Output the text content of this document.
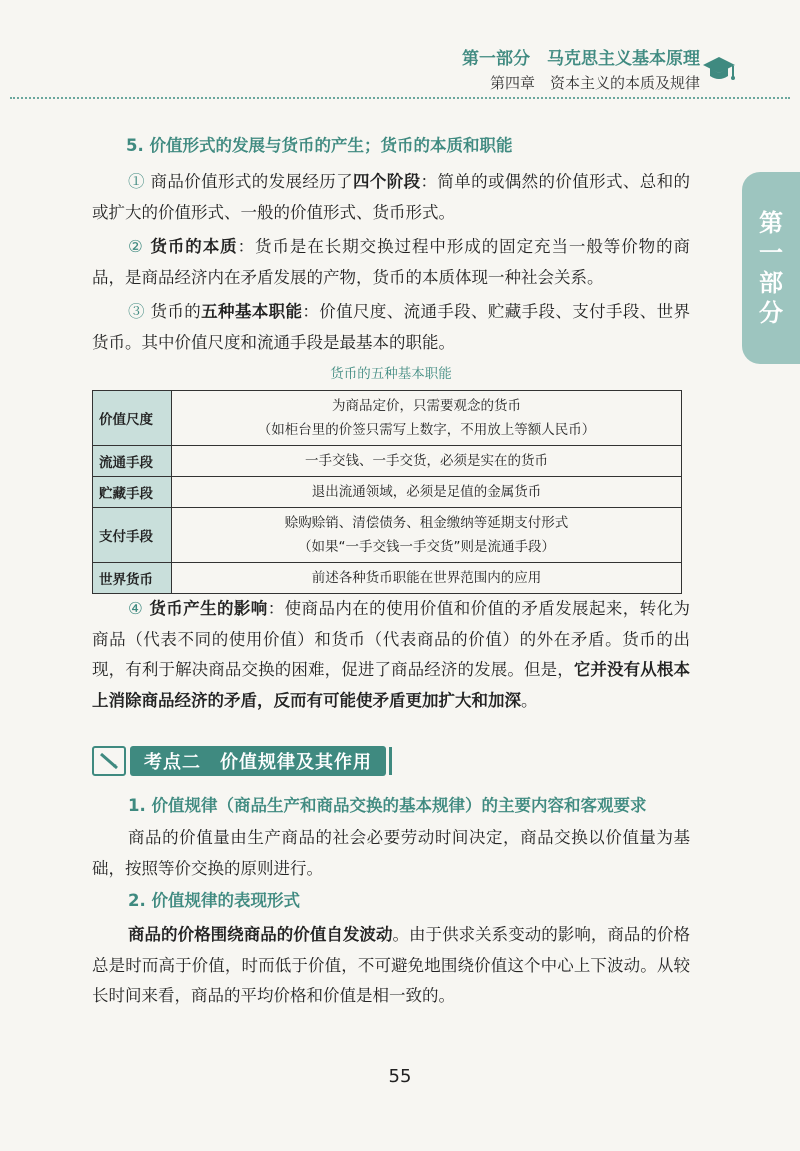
第一部分　马克思主义基本原理
第四章　资本主义的本质及规律
第
一
部
分
5. 价值形式的发展与货币的产生；货币的本质和职能
① 商品价值形式的发展经历了四个阶段：简单的或偶然的价值形式、总和的或扩大的价值形式、一般的价值形式、货币形式。
② 货币的本质：货币是在长期交换过程中形成的固定充当一般等价物的商品，是商品经济内在矛盾发展的产物，货币的本质体现一种社会关系。
③ 货币的五种基本职能：价值尺度、流通手段、贮藏手段、支付手段、世界货币。其中价值尺度和流通手段是最基本的职能。
货币的五种基本职能
价值尺度	为商品定价，只需要观念的货币
（如柜台里的价签只需写上数字，不用放上等额人民币）

流通手段	一手交钱、一手交货，必须是实在的货币
贮藏手段	退出流通领域，必须是足值的金属货币
支付手段	赊购赊销、清偿债务、租金缴纳等延期支付形式
（如果“一手交钱一手交货”则是流通手段）

世界货币	前述各种货币职能在世界范围内的应用
④ 货币产生的影响：使商品内在的使用价值和价值的矛盾发展起来，转化为商品（代表不同的使用价值）和货币（代表商品的价值）的外在矛盾。货币的出现，有利于解决商品交换的困难，促进了商品经济的发展。但是，它并没有从根本上消除商品经济的矛盾，反而有可能使矛盾更加扩大和加深。
考点二　价值规律及其作用
1. 价值规律（商品生产和商品交换的基本规律）的主要内容和客观要求
商品的价值量由生产商品的社会必要劳动时间决定，商品交换以价值量为基础，按照等价交换的原则进行。
2. 价值规律的表现形式
商品的价格围绕商品的价值自发波动。由于供求关系变动的影响，商品的价格总是时而高于价值，时而低于价值，不可避免地围绕价值这个中心上下波动。从较长时间来看，商品的平均价格和价值是相一致的。
55
